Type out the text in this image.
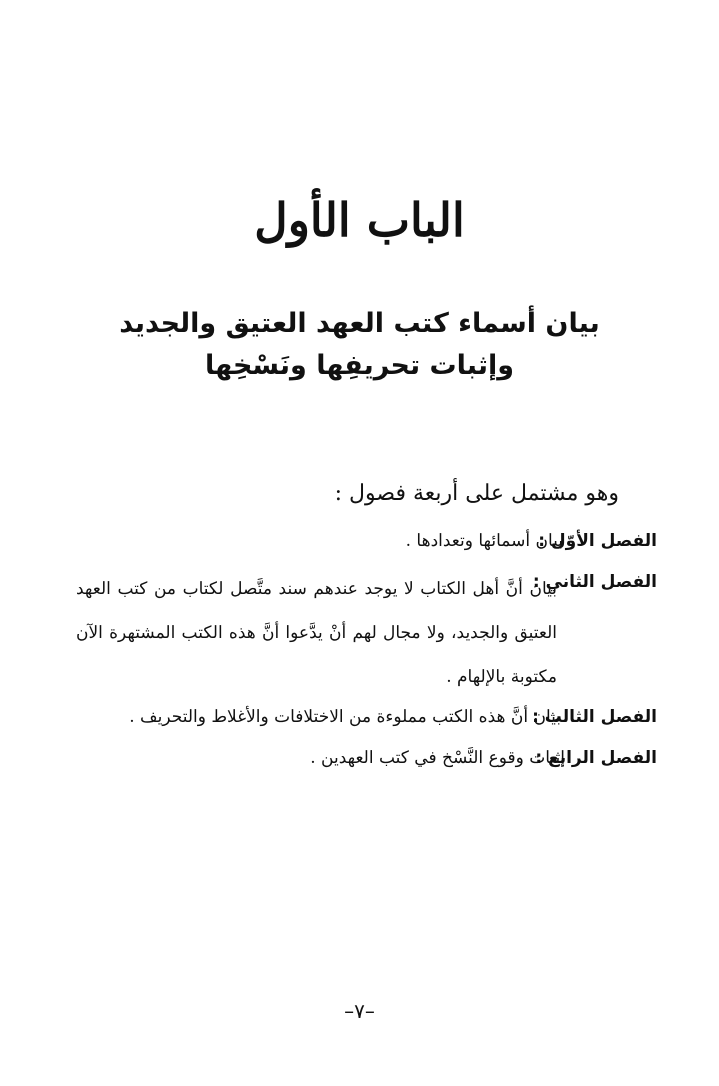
الباب الأول
بيان أسماء كتب العهد العتيق والجديد
وإثبات تحريفِها ونَسْخِها
وهو مشتمل على أربعة فصول :
الفصل الأوّل :
بيان أسمائها وتعدادها .
الفصل الثاني :
بيان أنَّ أهل الكتاب لا يوجد عندهم سند متَّصل لكتاب من كتب العهد العتيق والجديد، ولا مجال لهم أنْ يدَّعوا أنَّ هذه الكتب المشتهرة الآن مكتوبة بالإلهام .
الفصل الثالث :
بيان أنَّ هذه الكتب مملوءة من الاختلافات والأغلاط والتحريف .
الفصل الرابع :
إثبات وقوع النَّسْخ في كتب العهدين .
–٧–
